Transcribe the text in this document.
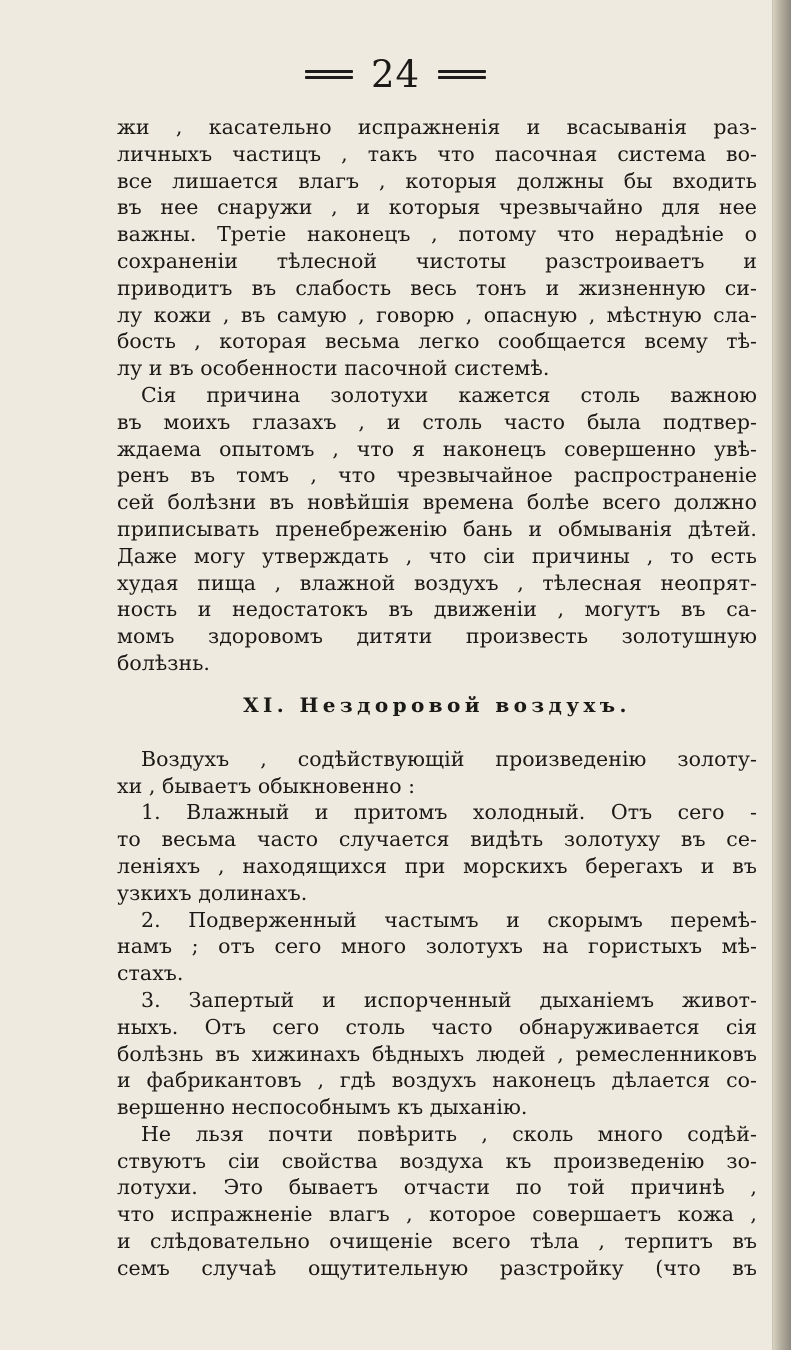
24
жи , касательно испражненія и всасыванія раз-
личныхъ частицъ , такъ что пасочная система во-
все лишается влагъ , которыя должны бы входить
въ нее снаружи , и которыя чрезвычайно для нее
важны. Третіе наконецъ , потому что нерадѣніе о
сохраненіи тѣлесной чистоты разстроиваетъ и
приводитъ въ слабость весь тонъ и жизненную си-
лу кожи , въ самую , говорю , опасную , мѣстную сла-
бость , которая весьма легко сообщается всему тѣ-
лу и въ особенности пасочной системѣ.
Сія причина золотухи кажется столь важною
въ моихъ глазахъ , и столь часто была подтвер-
ждаема опытомъ , что я наконецъ совершенно увѣ-
ренъ въ томъ , что чрезвычайное распространеніе
сей болѣзни въ новѣйшія времена болѣе всего должно
приписывать пренебреженію бань и обмыванія дѣтей.
Даже могу утверждать , что сіи причины , то есть
худая пища , влажной воздухъ , тѣлесная неопрят-
ность и недостатокъ въ движеніи , могутъ въ са-
момъ здоровомъ дитяти произвесть золотушную
болѣзнь.
XI. Нездоровой воздухъ.
Воздухъ , содѣйствующій произведенію золоту-
хи , бываетъ обыкновенно :
1. Влажный и притомъ холодный. Отъ сего -
то весьма часто случается видѣть золотуху въ се-
леніяхъ , находящихся при морскихъ берегахъ и въ
узкихъ долинахъ.
2. Подверженный частымъ и скорымъ перемѣ-
намъ ; отъ сего много золотухъ на гористыхъ мѣ-
стахъ.
3. Запертый и испорченный дыханіемъ живот-
ныхъ. Отъ сего столь часто обнаруживается сія
болѣзнь въ хижинахъ бѣдныхъ людей , ремесленниковъ
и фабрикантовъ , гдѣ воздухъ наконецъ дѣлается со-
вершенно неспособнымъ къ дыханію.
Не льзя почти повѣрить , сколь много содѣй-
ствуютъ сіи свойства воздуха къ произведенію зо-
лотухи. Это бываетъ отчасти по той причинѣ ,
что испражненіе влагъ , которое совершаетъ кожа ,
и слѣдовательно очищеніе всего тѣла , терпитъ въ
семъ случаѣ ощутительную разстройку (что въ
